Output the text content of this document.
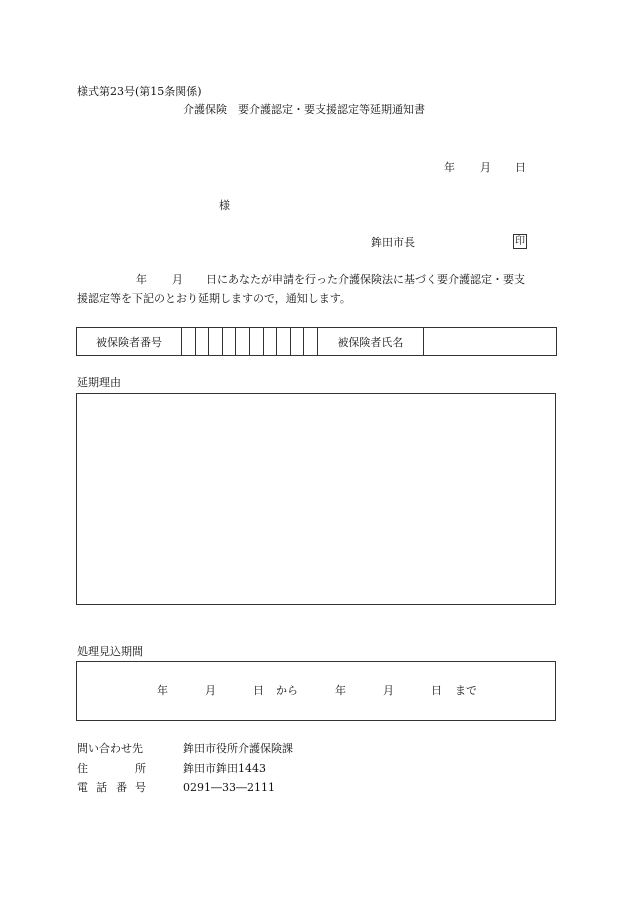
様式第23号(第15条関係)
介護保険　要介護認定・要支援認定等延期通知書
年 月 日
様
鉾田市長	印
年 月 日にあなたが申請を行った介護保険法に基づく要介護認定・要支
援認定等を下記のとおり延期しますので，通知します。
被保険者番号	被保険者氏名
延期理由
処理見込期間
年	月	日 から	年	月	日 まで
問い合わせ先	鉾田市役所介護保険課
住	所	鉾田市鉾田1443
電 話 番 号	0291―33―2111
